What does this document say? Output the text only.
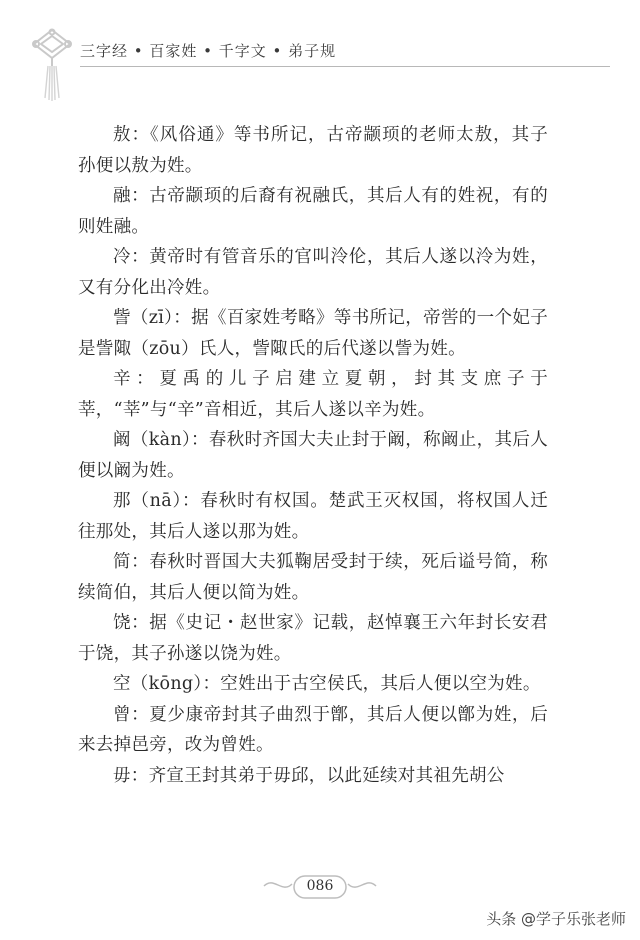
三字经 • 百家姓 • 千字文 • 弟子规

敖：《风俗通》等书所记，古帝颛顼的老师太敖，其子孙便以敖为姓。

融：古帝颛顼的后裔有祝融氏，其后人有的姓祝，有的则姓融。

冷：黄帝时有管音乐的官叫泠伦，其后人遂以泠为姓，又有分化出冷姓。

訾（zī）：据《百家姓考略》等书所记，帝喾的一个妃子是訾陬（zōu）氏人，訾陬氏的后代遂以訾为姓。

辛：夏禹的儿子启建立夏朝，封其支庶子于莘，“莘”与“辛”音相近，其后人遂以辛为姓。

阚（kàn）：春秋时齐国大夫止封于阚，称阚止，其后人便以阚为姓。

那（nā）：春秋时有权国。楚武王灭权国，将权国人迁往那处，其后人遂以那为姓。

简：春秋时晋国大夫狐鞠居受封于续，死后谥号简，称续简伯，其后人便以简为姓。

饶：据《史记・赵世家》记载，赵悼襄王六年封长安君于饶，其子孙遂以饶为姓。

空（kōng）：空姓出于古空侯氏，其后人便以空为姓。

曾：夏少康帝封其子曲烈于鄫，其后人便以鄫为姓，后来去掉邑旁，改为曾姓。

毋：齐宣王封其弟于毋邱，以此延续对其祖先胡公

086
头条 @学子乐张老师
